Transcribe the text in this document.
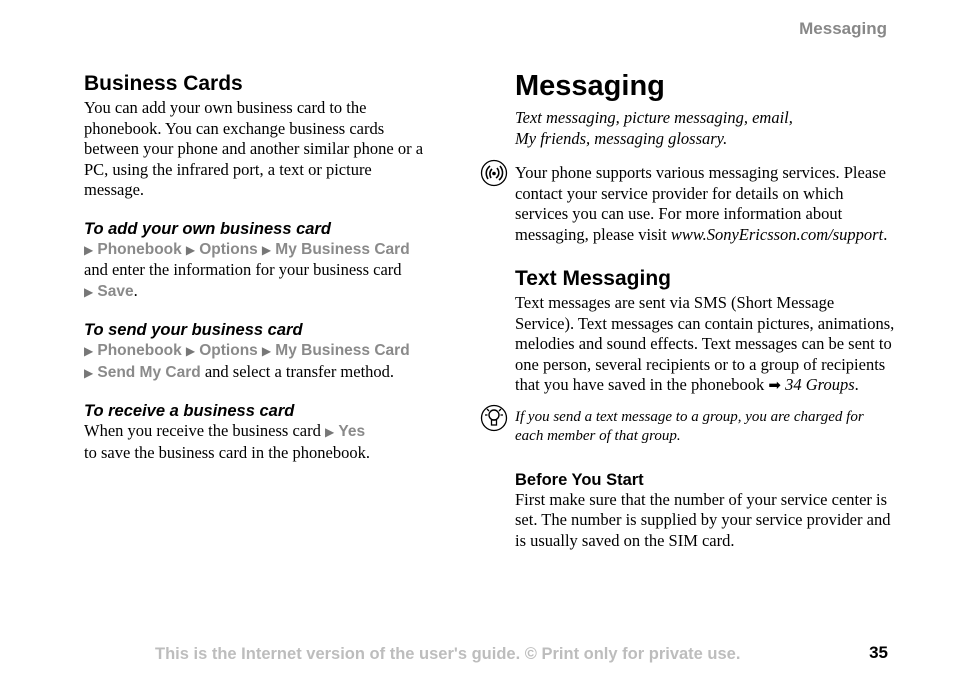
Messaging
Business Cards

You can add your own business card to the phonebook. You can exchange business cards between your phone and another similar phone or a PC, using the infrared port, a text or picture message.

To add your own business card

▶ Phonebook ▶ Options ▶ My Business Card
and enter the information for your business card
▶ Save.

To send your business card

▶ Phonebook ▶ Options ▶ My Business Card
▶ Send My Card and select a transfer method.

To receive a business card

When you receive the business card ▶ Yes
to save the business card in the phonebook.

Messaging

Text messaging, picture messaging, email,
My friends, messaging glossary.

Your phone supports various messaging services. Please contact your service provider for details on which services you can use. For more information about messaging, please visit www.SonyEricsson.com/support.

Text Messaging

Text messages are sent via SMS (Short Message Service). Text messages can contain pictures, animations, melodies and sound effects. Text messages can be sent to one person, several recipients or to a group of recipients that you have saved in the phonebook ➡ 34 Groups.

If you send a text message to a group, you are charged for each member of that group.

Before You Start

First make sure that the number of your service center is set. The number is supplied by your service provider and is usually saved on the SIM card.

This is the Internet version of the user's guide. © Print only for private use.	35
